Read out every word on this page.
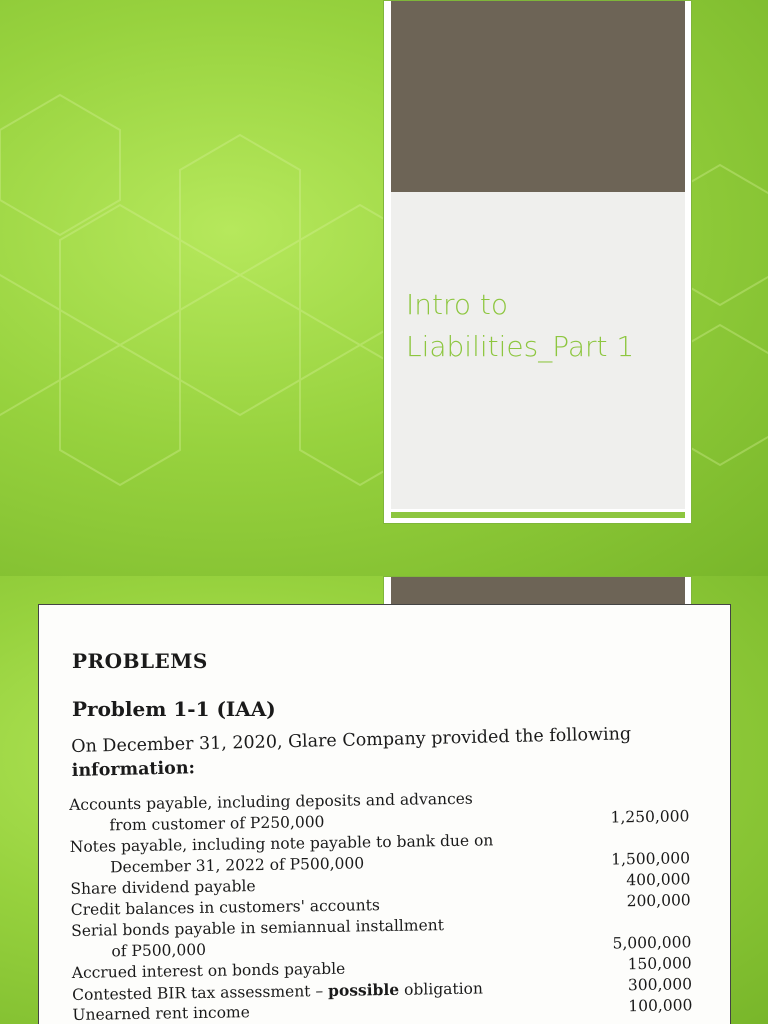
Intro to
Liabilities_Part 1
PROBLEMS
Problem 1-1 (IAA)

On December 31, 2020, Glare Company provided the following
information:

Accounts payable, including deposits and advances
from customer of P250,000	1,250,000
Notes payable, including note payable to bank due on
December 31, 2022 of P500,000	1,500,000
Share dividend payable	400,000
Credit balances in customers' accounts	200,000
Serial bonds payable in semiannual installment
of P500,000	5,000,000
Accrued interest on bonds payable	150,000
Contested BIR tax assessment – possible obligation	300,000
Unearned rent income	100,000
